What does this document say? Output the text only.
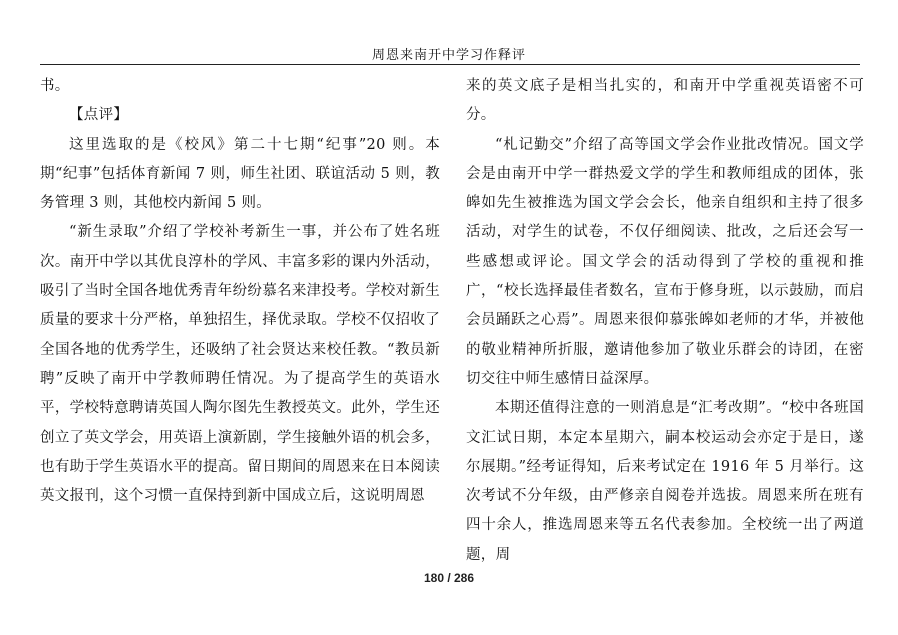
周恩来南开中学习作释评

书。

【点评】

这里选取的是《校风》第二十七期“纪事”20 则。本期“纪事”包括体育新闻 7 则，师生社团、联谊活动 5 则，教务管理 3 则，其他校内新闻 5 则。

“新生录取”介绍了学校补考新生一事，并公布了姓名班次。南开中学以其优良淳朴的学风、丰富多彩的课内外活动，吸引了当时全国各地优秀青年纷纷慕名来津投考。学校对新生质量的要求十分严格，单独招生，择优录取。学校不仅招收了全国各地的优秀学生，还吸纳了社会贤达来校任教。“教员新聘”反映了南开中学教师聘任情况。为了提高学生的英语水平，学校特意聘请英国人陶尔图先生教授英文。此外，学生还创立了英文学会，用英语上演新剧，学生接触外语的机会多，也有助于学生英语水平的提高。留日期间的周恩来在日本阅读英文报刊，这个习惯一直保持到新中国成立后，这说明周恩

来的英文底子是相当扎实的，和南开中学重视英语密不可分。

“札记勤交”介绍了高等国文学会作业批改情况。国文学会是由南开中学一群热爱文学的学生和教师组成的团体，张皞如先生被推选为国文学会会长，他亲自组织和主持了很多活动，对学生的试卷，不仅仔细阅读、批改，之后还会写一些感想或评论。国文学会的活动得到了学校的重视和推广，“校长选择最佳者数名，宣布于修身班，以示鼓励，而启会员踊跃之心焉”。周恩来很仰慕张皞如老师的才华，并被他的敬业精神所折服，邀请他参加了敬业乐群会的诗团，在密切交往中师生感情日益深厚。

本期还值得注意的一则消息是“汇考改期”。“校中各班国文汇试日期，本定本星期六，嗣本校运动会亦定于是日，遂尔展期。”经考证得知，后来考试定在 1916 年 5 月举行。这次考试不分年级，由严修亲自阅卷并选拔。周恩来所在班有四十余人，推选周恩来等五名代表参加。全校统一出了两道题，周

180 / 286
